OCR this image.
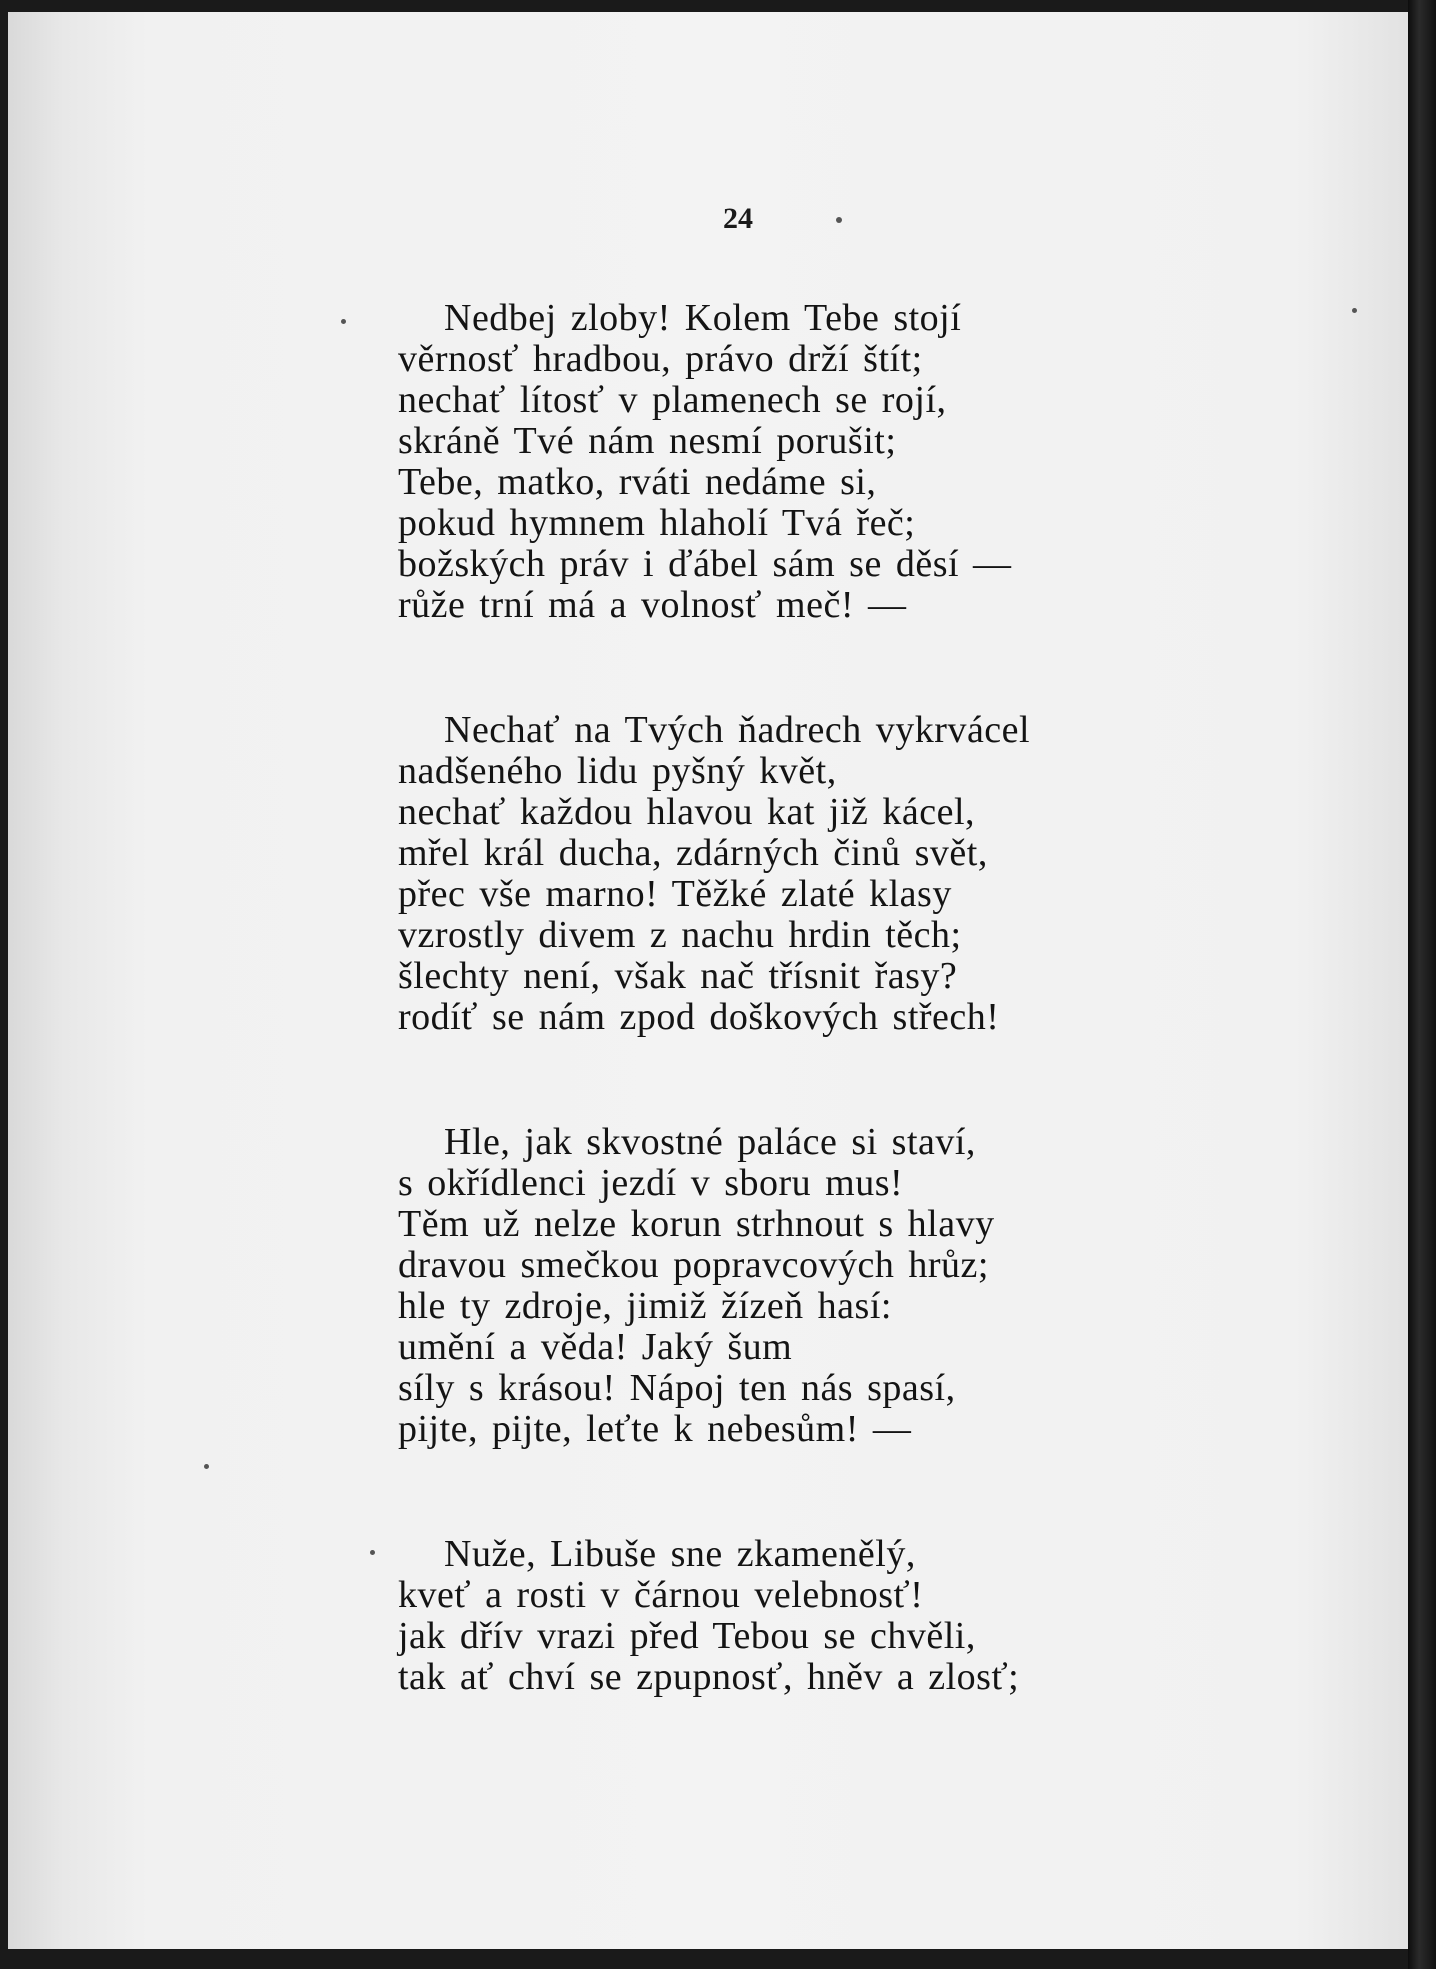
24
Nedbej zloby! Kolem Tebe stojí
věrnosť hradbou, právo drží štít;
nechať lítosť v plamenech se rojí,
skráně Tvé nám nesmí porušit;
Tebe, matko, rváti nedáme si,
pokud hymnem hlaholí Tvá řeč;
božských práv i ďábel sám se děsí —
růže trní má a volnosť meč! —
Nechať na Tvých ňadrech vykrvácel
nadšeného lidu pyšný květ,
nechať každou hlavou kat již kácel,
mřel král ducha, zdárných činů svět,
přec vše marno! Těžké zlaté klasy
vzrostly divem z nachu hrdin těch;
šlechty není, však nač třísnit řasy?
rodíť se nám zpod doškových střech!
Hle, jak skvostné paláce si staví,
s okřídlenci jezdí v sboru mus!
Těm už nelze korun strhnout s hlavy
dravou smečkou popravcových hrůz;
hle ty zdroje, jimiž žízeň hasí:
umění a věda! Jaký šum
síly s krásou! Nápoj ten nás spasí,
pijte, pijte, lеťte k nebesům! —
Nuže, Libuše sne zkamenělý,
kveť a rosti v čárnou velebnosť!
jak dřív vrazi před Tebou se chvěli,
tak ať chví se zpupnosť, hněv a zlosť;
